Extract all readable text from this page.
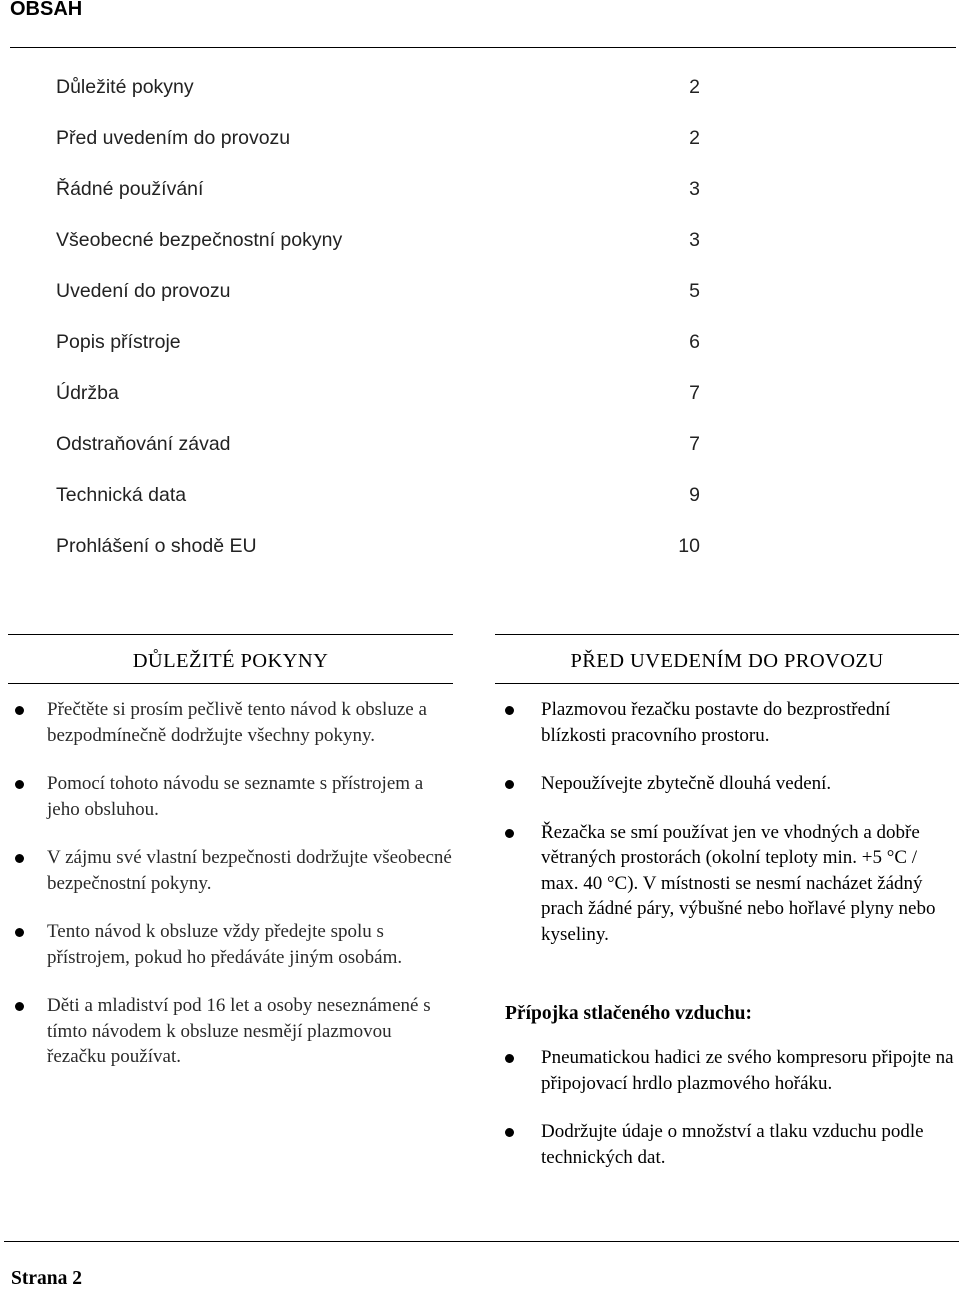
OBSAH
Důležité pokyny	2
Před uvedením do provozu	2
Řádné používání	3
Všeobecné bezpečnostní pokyny	3
Uvedení do provozu	5
Popis přístroje	6
Údržba	7
Odstraňování závad	7
Technická data	9
Prohlášení o shodě EU	10
DŮLEŽITÉ POKYNY
Přečtěte si prosím pečlivě tento návod k obsluze a bezpodmínečně dodržujte všechny pokyny.
Pomocí tohoto návodu se seznamte s přístrojem a jeho obsluhou.
V zájmu své vlastní bezpečnosti dodržujte všeobecné bezpečnostní pokyny.
Tento návod k obsluze vždy předejte spolu s přístrojem, pokud ho předáváte jiným osobám.
Děti a mladiství pod 16 let a osoby neseznámené s tímto návodem k obsluze nesmějí plazmovou řezačku používat.
PŘED UVEDENÍM DO PROVOZU
Plazmovou řezačku postavte do bezprostřední blízkosti pracovního prostoru.
Nepoužívejte zbytečně dlouhá vedení.
Řezačka se smí používat jen ve vhodných a dobře větraných prostorách (okolní teploty min. +5 °C / max. 40 °C). V místnosti se nesmí nacházet žádný prach žádné páry, výbušné nebo hořlavé plyny nebo kyseliny.
Přípojka stlačeného vzduchu:
Pneumatickou hadici ze svého kompresoru připojte na připojovací hrdlo plazmového hořáku.
Dodržujte údaje o množství a tlaku vzduchu podle technických dat.
Strana 2
